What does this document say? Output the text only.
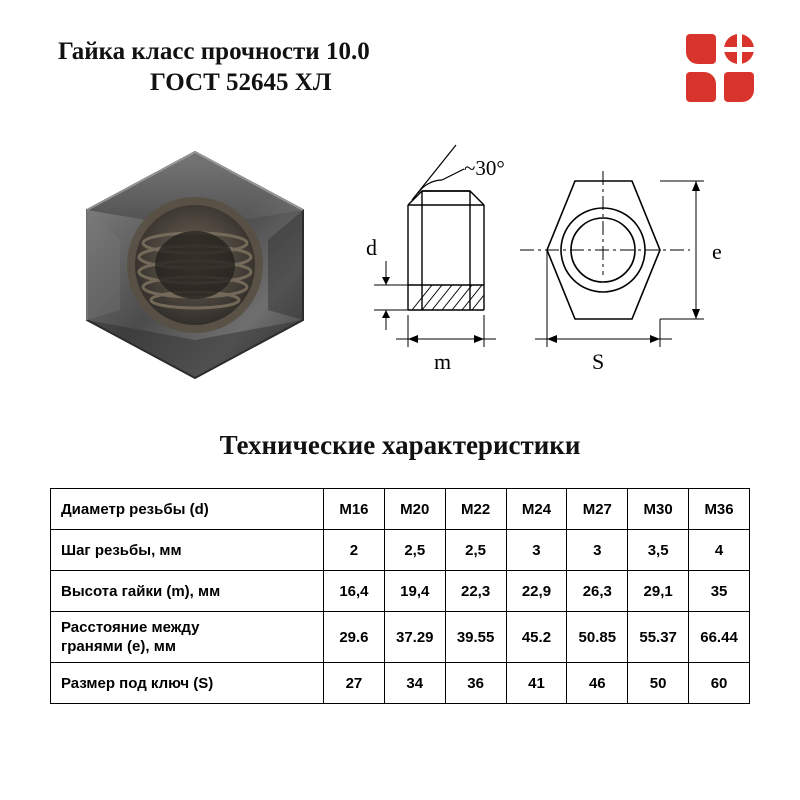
Гайка класс прочности 10.0
ГОСТ 52645 ХЛ
~30°
d
m
e
S
Технические характеристики
Диаметр резьбы (d)	M16	M20	M22	M24	M27	M30	M36
Шаг резьбы, мм	2	2,5	2,5	3	3	3,5	4
Высота гайки (m), мм	16,4	19,4	22,3	22,9	26,3	29,1	35
Расстояние между
гранями (e), мм	29.6	37.29	39.55	45.2	50.85	55.37	66.44
Размер под ключ (S)	27	34	36	41	46	50	60
